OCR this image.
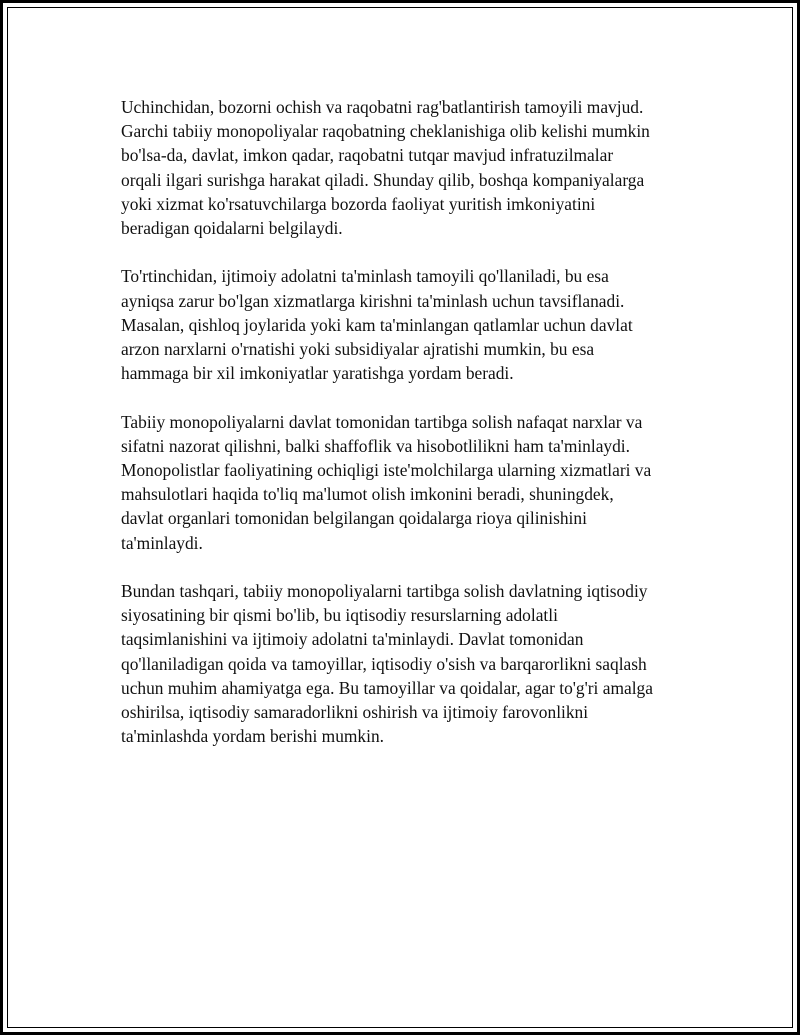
Uchinchidan, bozorni ochish va raqobatni rag'batlantirish tamoyili mavjud.
Garchi tabiiy monopoliyalar raqobatning cheklanishiga olib kelishi mumkin
bo'lsa-da, davlat, imkon qadar, raqobatni tutqar mavjud infratuzilmalar
orqali ilgari surishga harakat qiladi. Shunday qilib, boshqa kompaniyalarga
yoki xizmat ko'rsatuvchilarga bozorda faoliyat yuritish imkoniyatini
beradigan qoidalarni belgilaydi.

To'rtinchidan, ijtimoiy adolatni ta'minlash tamoyili qo'llaniladi, bu esa
ayniqsa zarur bo'lgan xizmatlarga kirishni ta'minlash uchun tavsiflanadi.
Masalan, qishloq joylarida yoki kam ta'minlangan qatlamlar uchun davlat
arzon narxlarni o'rnatishi yoki subsidiyalar ajratishi mumkin, bu esa
hammaga bir xil imkoniyatlar yaratishga yordam beradi.

Tabiiy monopoliyalarni davlat tomonidan tartibga solish nafaqat narxlar va
sifatni nazorat qilishni, balki shaffoflik va hisobotlilikni ham ta'minlaydi.
Monopolistlar faoliyatining ochiqligi iste'molchilarga ularning xizmatlari va
mahsulotlari haqida to'liq ma'lumot olish imkonini beradi, shuningdek,
davlat organlari tomonidan belgilangan qoidalarga rioya qilinishini
ta'minlaydi.

Bundan tashqari, tabiiy monopoliyalarni tartibga solish davlatning iqtisodiy
siyosatining bir qismi bo'lib, bu iqtisodiy resurslarning adolatli
taqsimlanishini va ijtimoiy adolatni ta'minlaydi. Davlat tomonidan
qo'llaniladigan qoida va tamoyillar, iqtisodiy o'sish va barqarorlikni saqlash
uchun muhim ahamiyatga ega. Bu tamoyillar va qoidalar, agar to'g'ri amalga
oshirilsa, iqtisodiy samaradorlikni oshirish va ijtimoiy farovonlikni
ta'minlashda yordam berishi mumkin.
